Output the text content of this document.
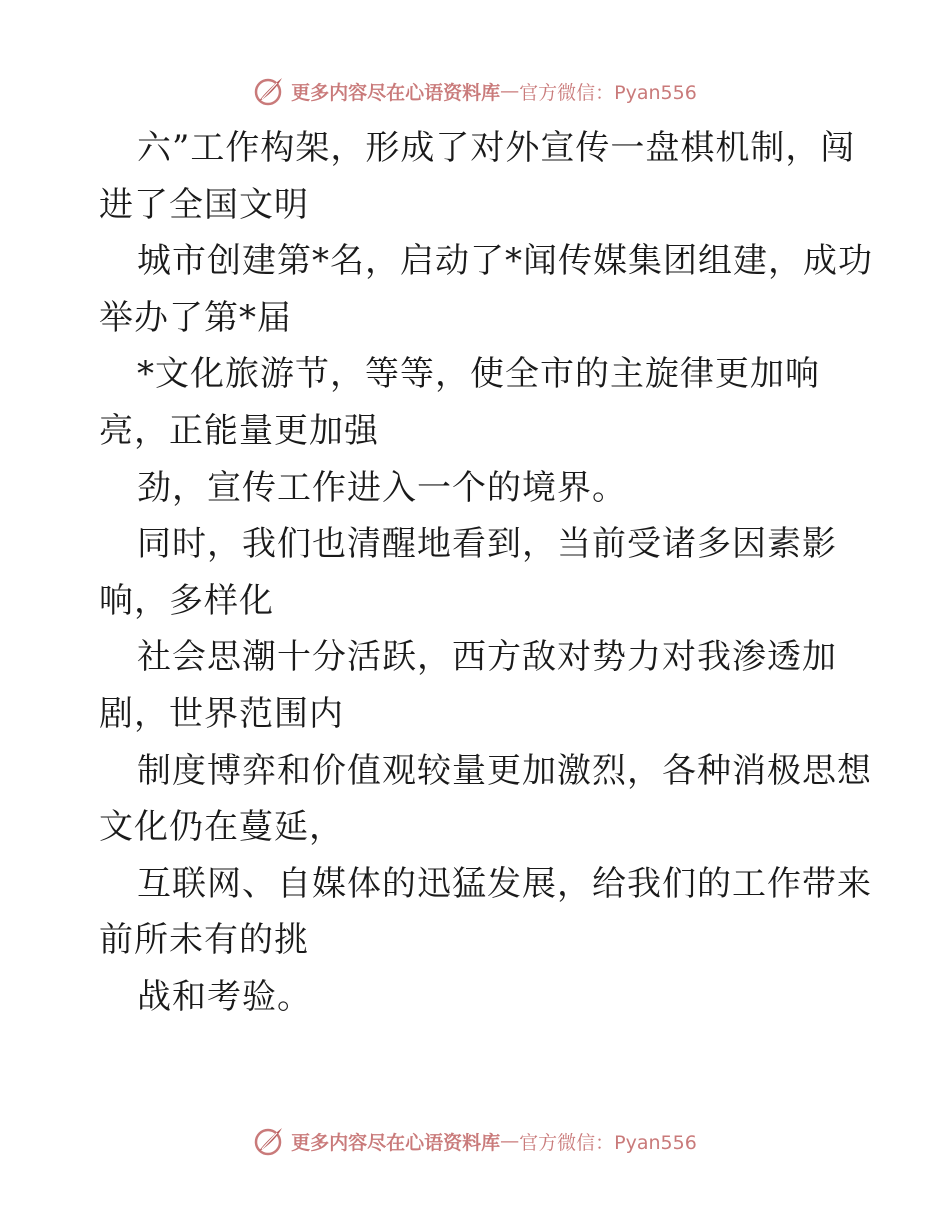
更多内容尽在心语资料库 — 官方微信：Pyan556
六”工作构架，形成了对外宣传一盘棋机制，闯
进了全国文明
城市创建第*名，启动了*闻传媒集团组建，成功
举办了第*届
*文化旅游节，等等，使全市的主旋律更加响
亮，正能量更加强
劲，宣传工作进入一个的境界。
同时，我们也清醒地看到，当前受诸多因素影
响，多样化
社会思潮十分活跃，西方敌对势力对我渗透加
剧，世界范围内
制度博弈和价值观较量更加激烈，各种消极思想
文化仍在蔓延，
互联网、自媒体的迅猛发展，给我们的工作带来
前所未有的挑
战和考验。
更多内容尽在心语资料库 — 官方微信：Pyan556
